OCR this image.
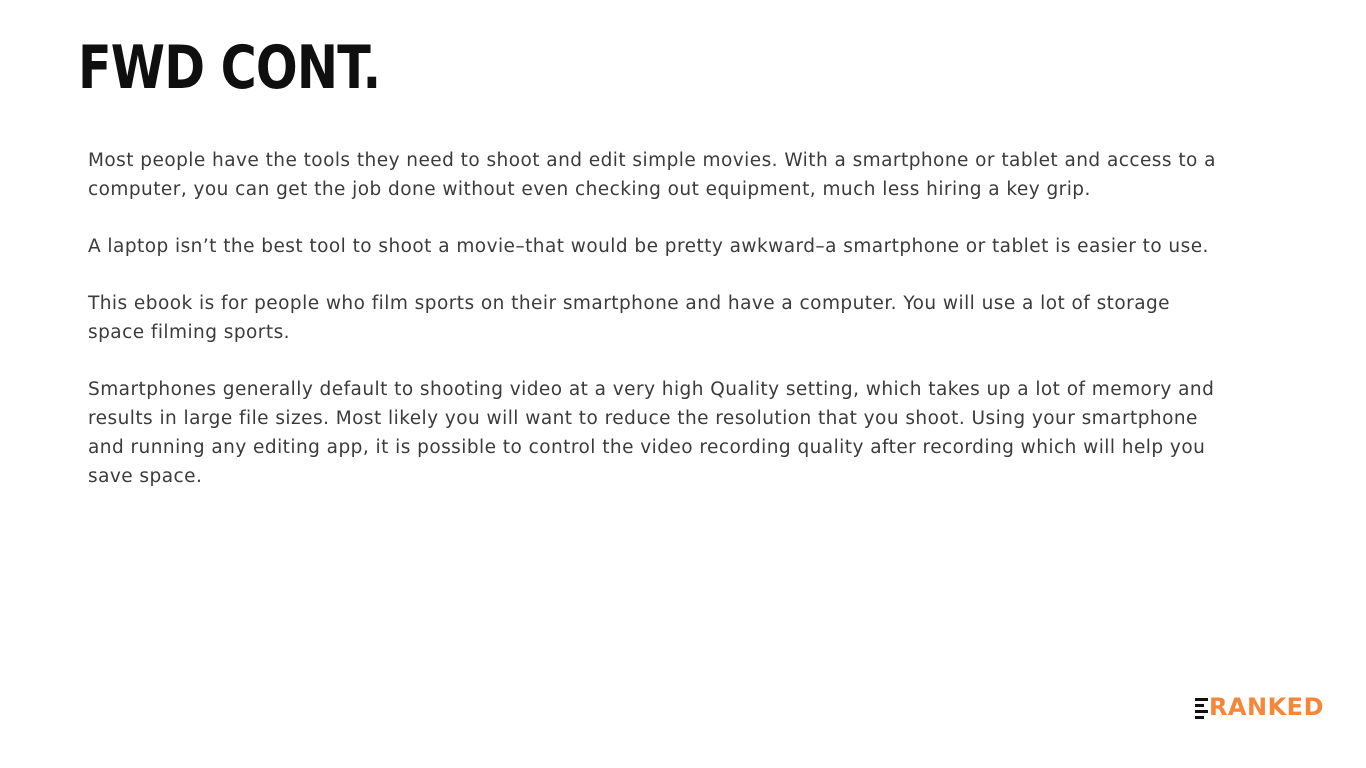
FWD CONT.

Most people have the tools they need to shoot and edit simple movies. With a smartphone or tablet and access to a computer, you can get the job done without even checking out equipment, much less hiring a key grip.

A laptop isn’t the best tool to shoot a movie–that would be pretty awkward–a smartphone or tablet is easier to use.

This ebook is for people who film sports on their smartphone and have a computer. You will use a lot of storage space filming sports.

Smartphones generally default to shooting video at a very high Quality setting, which takes up a lot of memory and results in large file sizes. Most likely you will want to reduce the resolution that you shoot. Using your smartphone and running any editing app, it is possible to control the video recording quality after recording which will help you save space.

RANKED
